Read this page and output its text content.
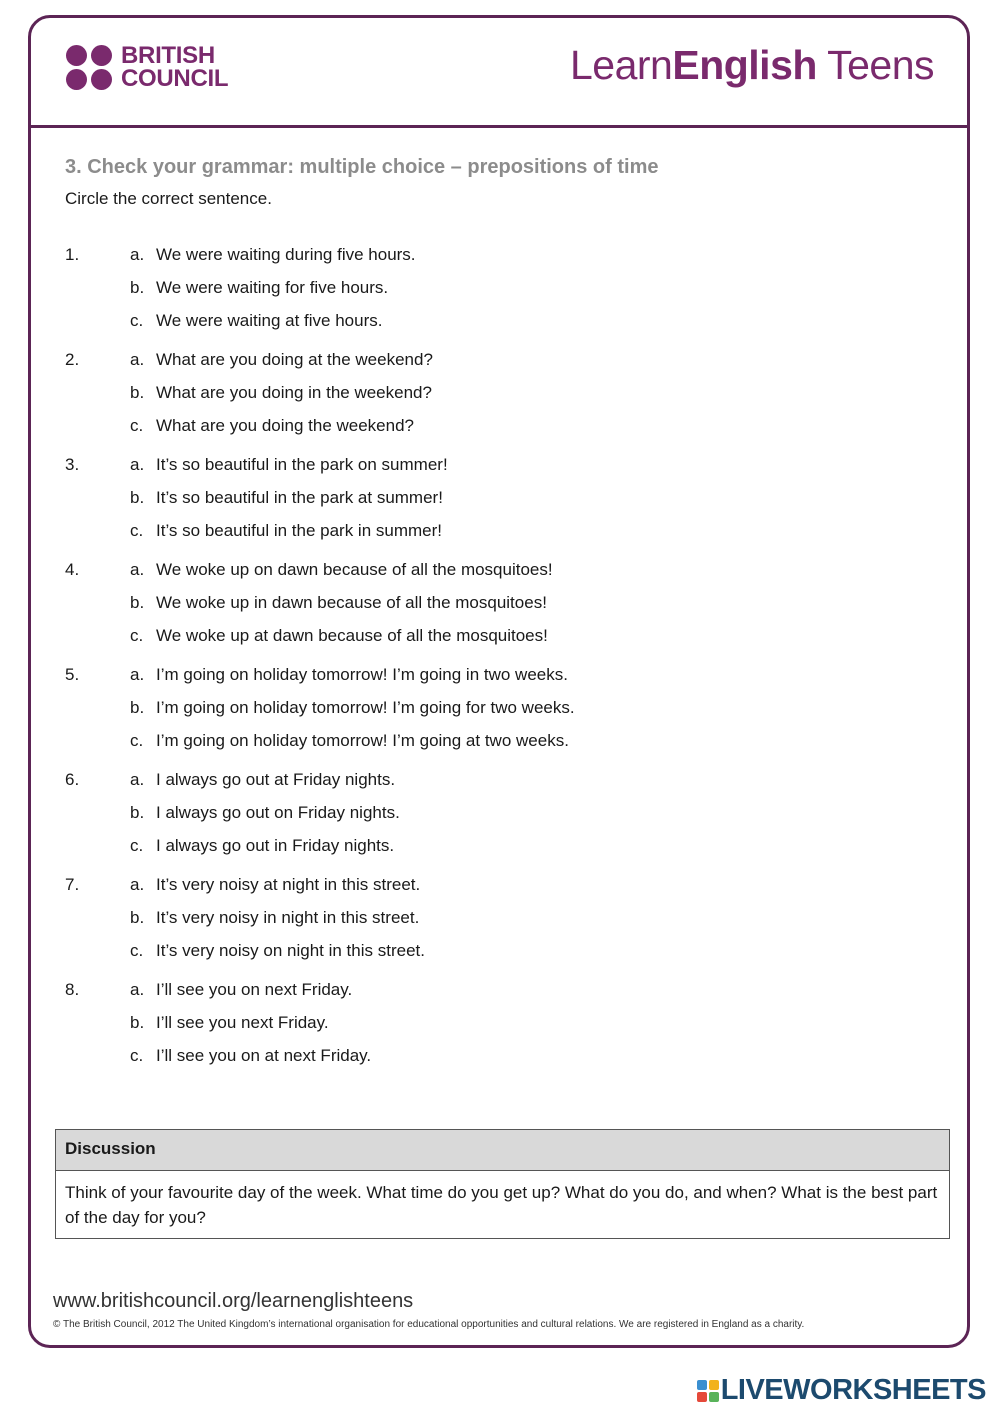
BRITISH
COUNCIL	LearnEnglish Teens
3. Check your grammar: multiple choice – prepositions of time
Circle the correct sentence.
1.	a. We were waiting during five hours.
b. We were waiting for five hours.
c. We were waiting at five hours.
2.	a. What are you doing at the weekend?
b. What are you doing in the weekend?
c. What are you doing the weekend?
3.	a. It’s so beautiful in the park on summer!
b. It’s so beautiful in the park at summer!
c. It’s so beautiful in the park in summer!
4.	a. We woke up on dawn because of all the mosquitoes!
b. We woke up in dawn because of all the mosquitoes!
c. We woke up at dawn because of all the mosquitoes!
5.	a. I’m going on holiday tomorrow! I’m going in two weeks.
b. I’m going on holiday tomorrow! I’m going for two weeks.
c. I’m going on holiday tomorrow! I’m going at two weeks.
6.	a. I always go out at Friday nights.
b. I always go out on Friday nights.
c. I always go out in Friday nights.
7.	a. It’s very noisy at night in this street.
b. It’s very noisy in night in this street.
c. It’s very noisy on night in this street.
8.	a. I’ll see you on next Friday.
b. I’ll see you next Friday.
c. I’ll see you on at next Friday.
Discussion
Think of your favourite day of the week. What time do you get up? What do you do, and when? What is the best part of the day for you?
www.britishcouncil.org/learnenglishteens
© The British Council, 2012 The United Kingdom’s international organisation for educational opportunities and cultural relations. We are registered in England as a charity.
LIVEWORKSHEETS
